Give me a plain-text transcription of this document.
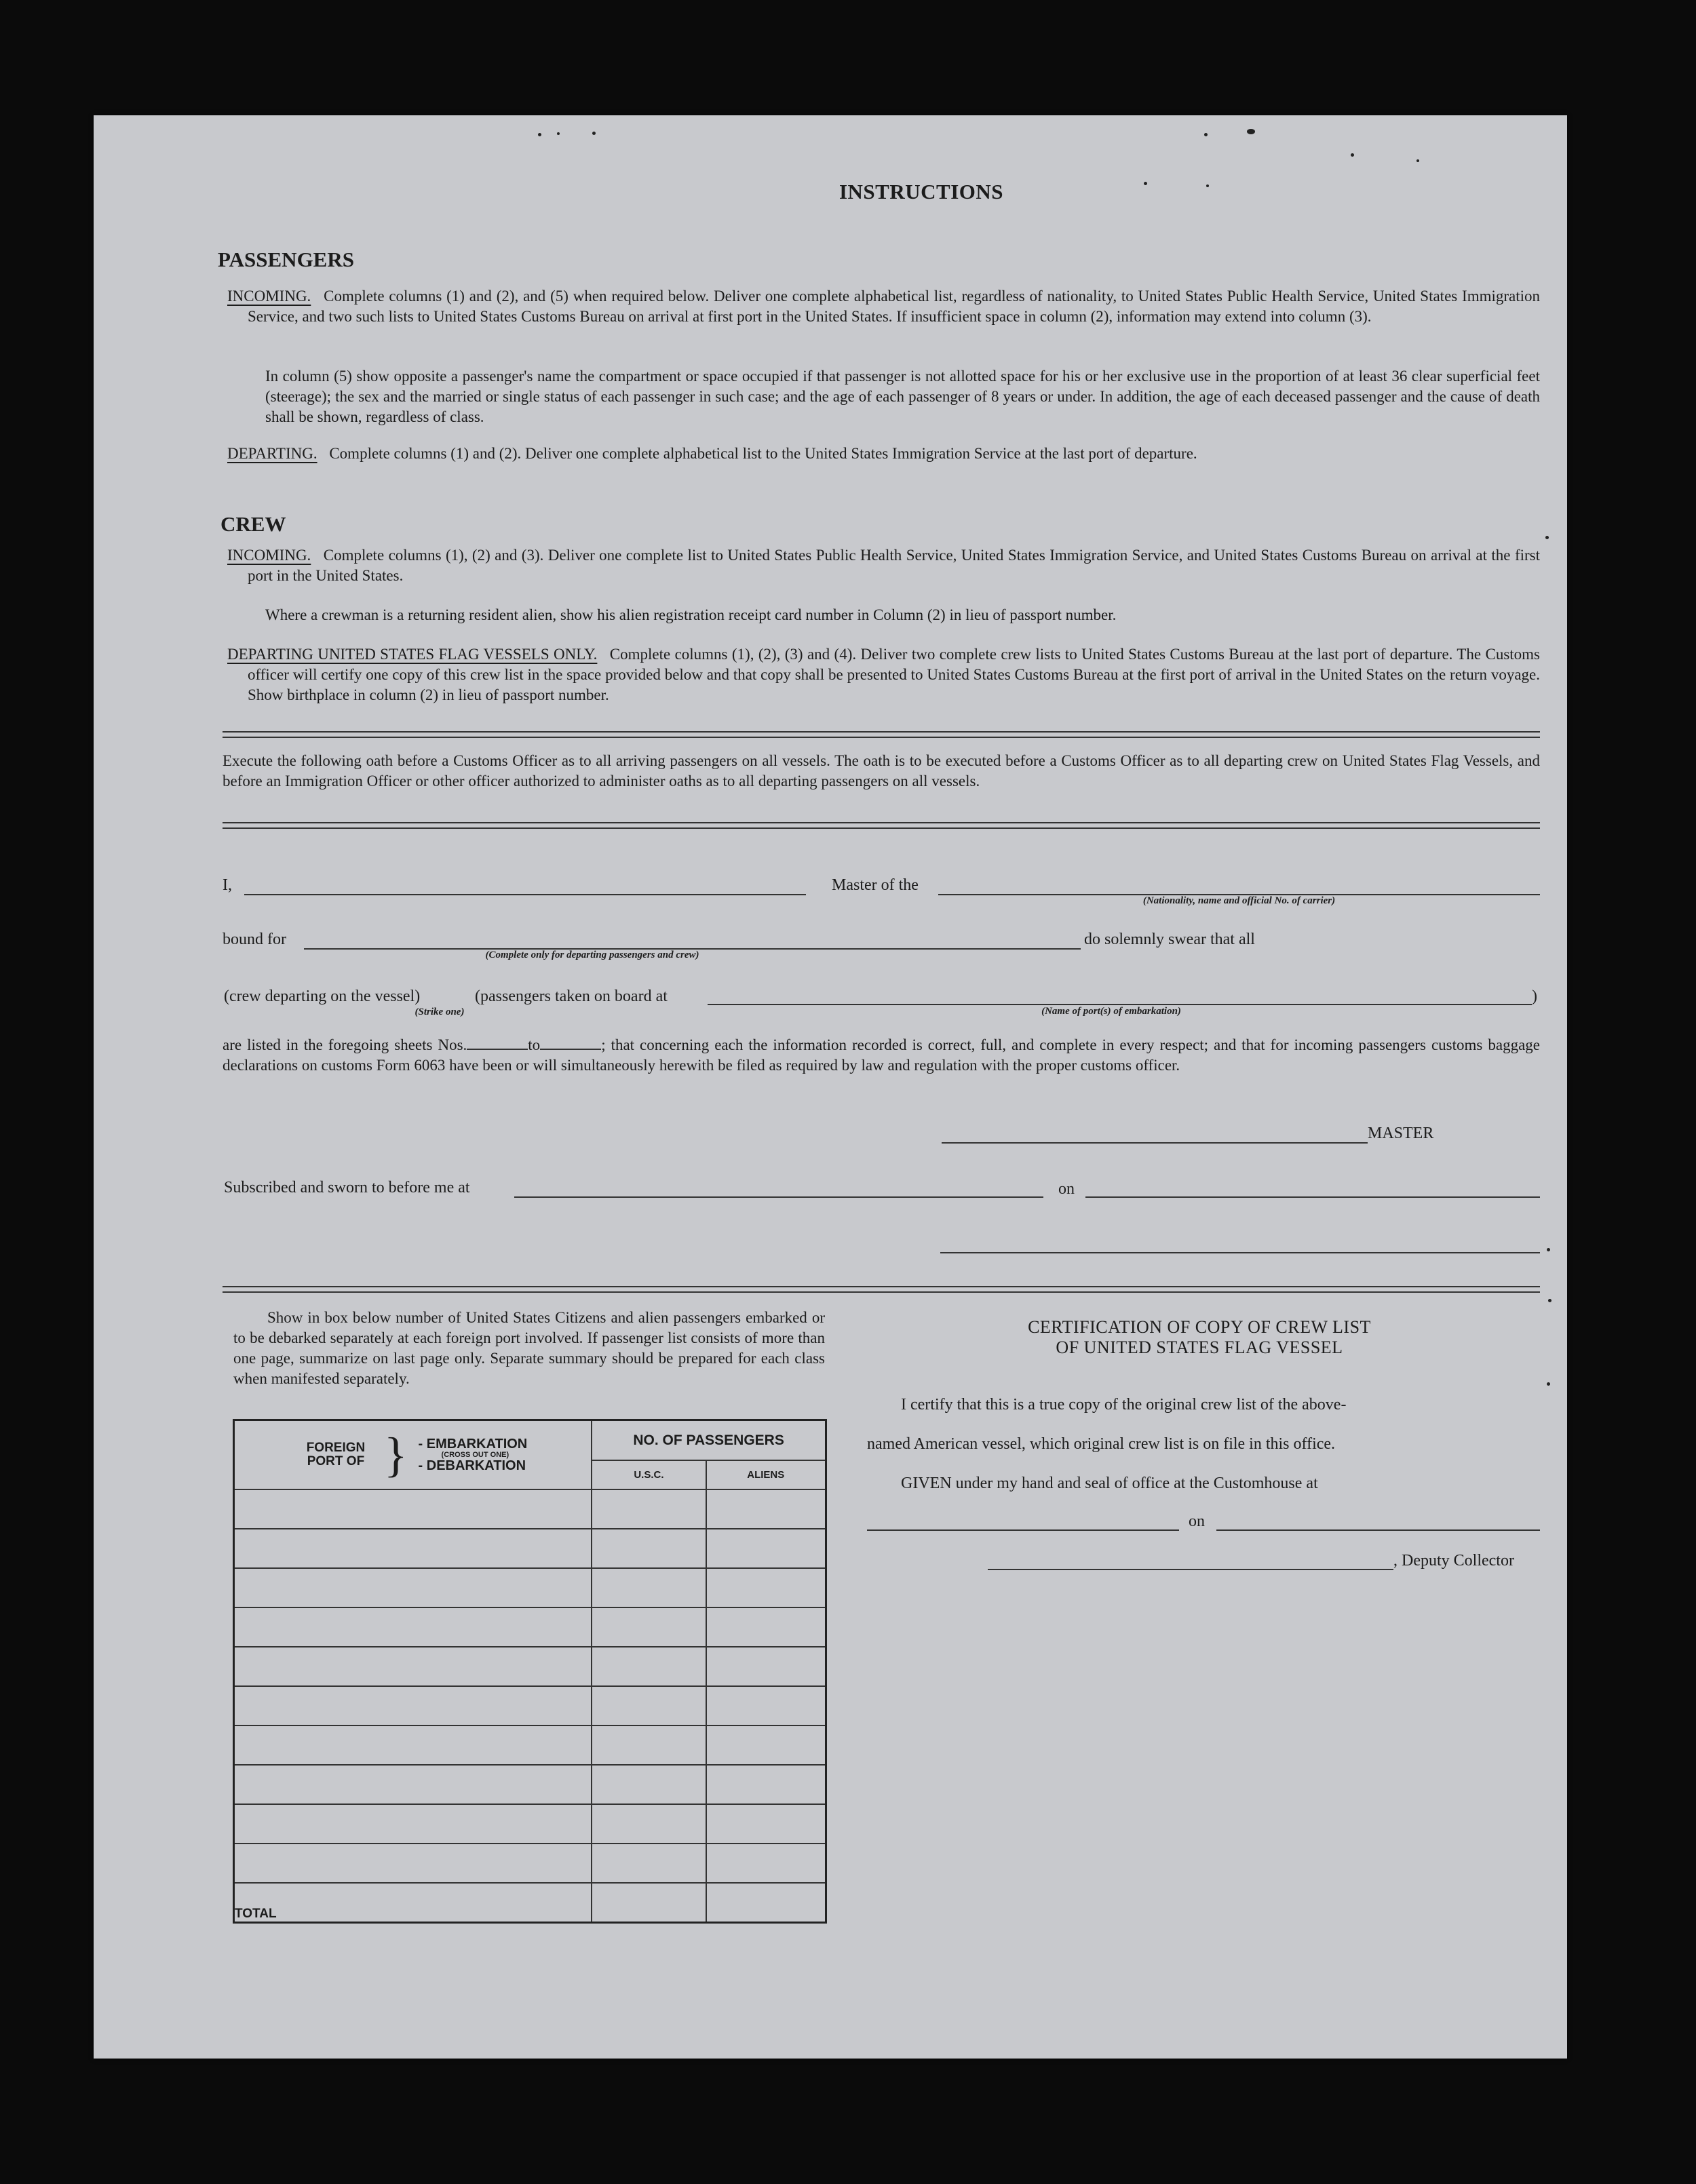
INSTRUCTIONS
PASSENGERS
INCOMING. Complete columns (1) and (2), and (5) when required below. Deliver one complete alphabetical list, regardless of nationality, to United States Public Health Service, United States Immigration Service, and two such lists to United States Customs Bureau on arrival at first port in the United States. If insufficient space in column (2), information may extend into column (3).
In column (5) show opposite a passenger's name the compartment or space occupied if that passenger is not allotted space for his or her exclusive use in the proportion of at least 36 clear superficial feet (steerage); the sex and the married or single status of each passenger in such case; and the age of each passenger of 8 years or under. In addition, the age of each deceased passenger and the cause of death shall be shown, regardless of class.
DEPARTING. Complete columns (1) and (2). Deliver one complete alphabetical list to the United States Immigration Service at the last port of departure.
CREW
INCOMING. Complete columns (1), (2) and (3). Deliver one complete list to United States Public Health Service, United States Immigration Service, and United States Customs Bureau on arrival at the first port in the United States.
Where a crewman is a returning resident alien, show his alien registration receipt card number in Column (2) in lieu of passport number.
DEPARTING UNITED STATES FLAG VESSELS ONLY. Complete columns (1), (2), (3) and (4). Deliver two complete crew lists to United States Customs Bureau at the last port of departure. The Customs officer will certify one copy of this crew list in the space provided below and that copy shall be presented to United States Customs Bureau at the first port of arrival in the United States on the return voyage. Show birthplace in column (2) in lieu of passport number.
Execute the following oath before a Customs Officer as to all arriving passengers on all vessels. The oath is to be executed before a Customs Officer as to all departing crew on United States Flag Vessels, and before an Immigration Officer or other officer authorized to administer oaths as to all departing passengers on all vessels.
I,	Master of the
(Nationality, name and official No. of carrier)
bound for
(Complete only for departing passengers and crew)
do solemnly swear that all
(crew departing on the vessel)	(passengers taken on board at
(Strike one)	(Name of port(s) of embarkation)
)
are listed in the foregoing sheets Nos.	to	; that concerning each the information recorded is correct, full, and complete in every respect; and that for incoming passengers customs baggage declarations on customs Form 6063 have been or will simultaneously herewith be filed as required by law and regulation with the proper customs officer.
MASTER
Subscribed and sworn to before me at	on
Show in box below number of United States Citizens and alien passengers embarked or to be debarked separately at each foreign port involved. If passenger list consists of more than one page, summarize on last page only. Separate summary should be prepared for each class when manifested separately.
FOREIGN PORT OF } - EMBARKATION
(CROSS OUT ONE)
- DEBARKATION	NO. OF PASSENGERS	
	U.S.C.	ALIENS

TOTAL		
CERTIFICATION OF COPY OF CREW LIST
OF UNITED STATES FLAG VESSEL
I certify that this is a true copy of the original crew list of the above-
named American vessel, which original crew list is on file in this office.
GIVEN under my hand and seal of office at the Customhouse at
on
, Deputy Collector
